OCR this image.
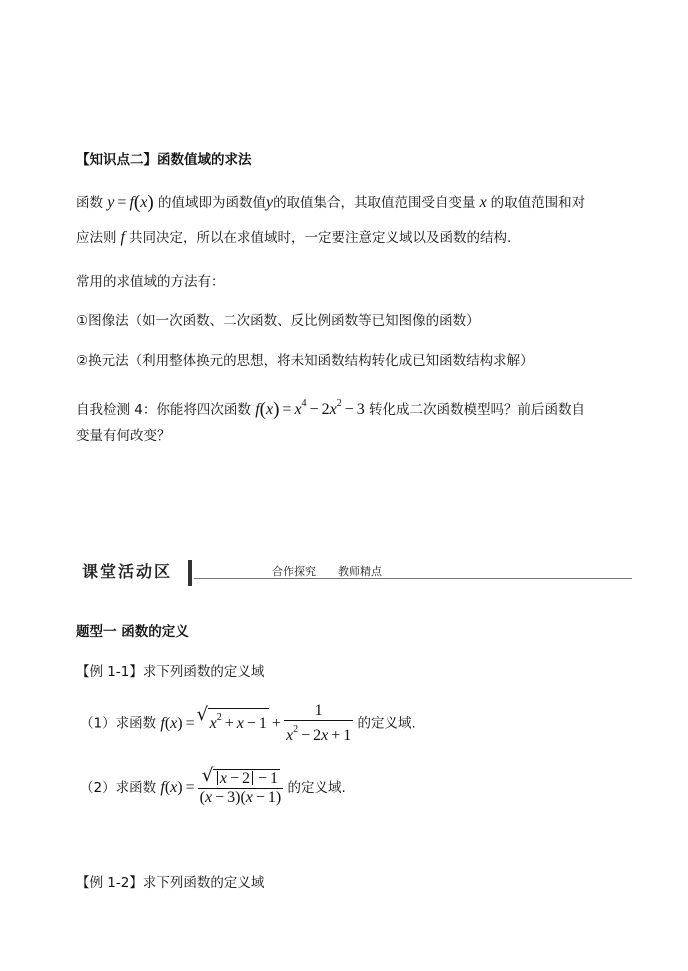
【知识点二】函数值域的求法
函数 y = f(x) 的值域即为函数值y的取值集合，其取值范围受自变量 x 的取值范围和对
应法则 f 共同决定，所以在求值域时，一定要注意定义域以及函数的结构.
常用的求值域的方法有：
①图像法（如一次函数、二次函数、反比例函数等已知图像的函数）
②换元法（利用整体换元的思想，将未知函数结构转化成已知函数结构求解）
自我检测 4：你能将四次函数 $f(x) = x^4 - 2x^2 - 3$ 转化成二次函数模型吗？前后函数自
变量有何改变？
课堂活动区	合作探究 教师精点
题型一 函数的定义
【例 1-1】求下列函数的定义域
（1）求函数 f(x) = √ $x^2 + x - 1 + \frac{1}{x^2 - 2x + 1}$ 的定义域.
（2）求函数 $f(x) = \frac{√ x - 2 - 1}{(x - 3)(x - 1)}$ 的定义域.
【例 1-2】求下列函数的定义域
